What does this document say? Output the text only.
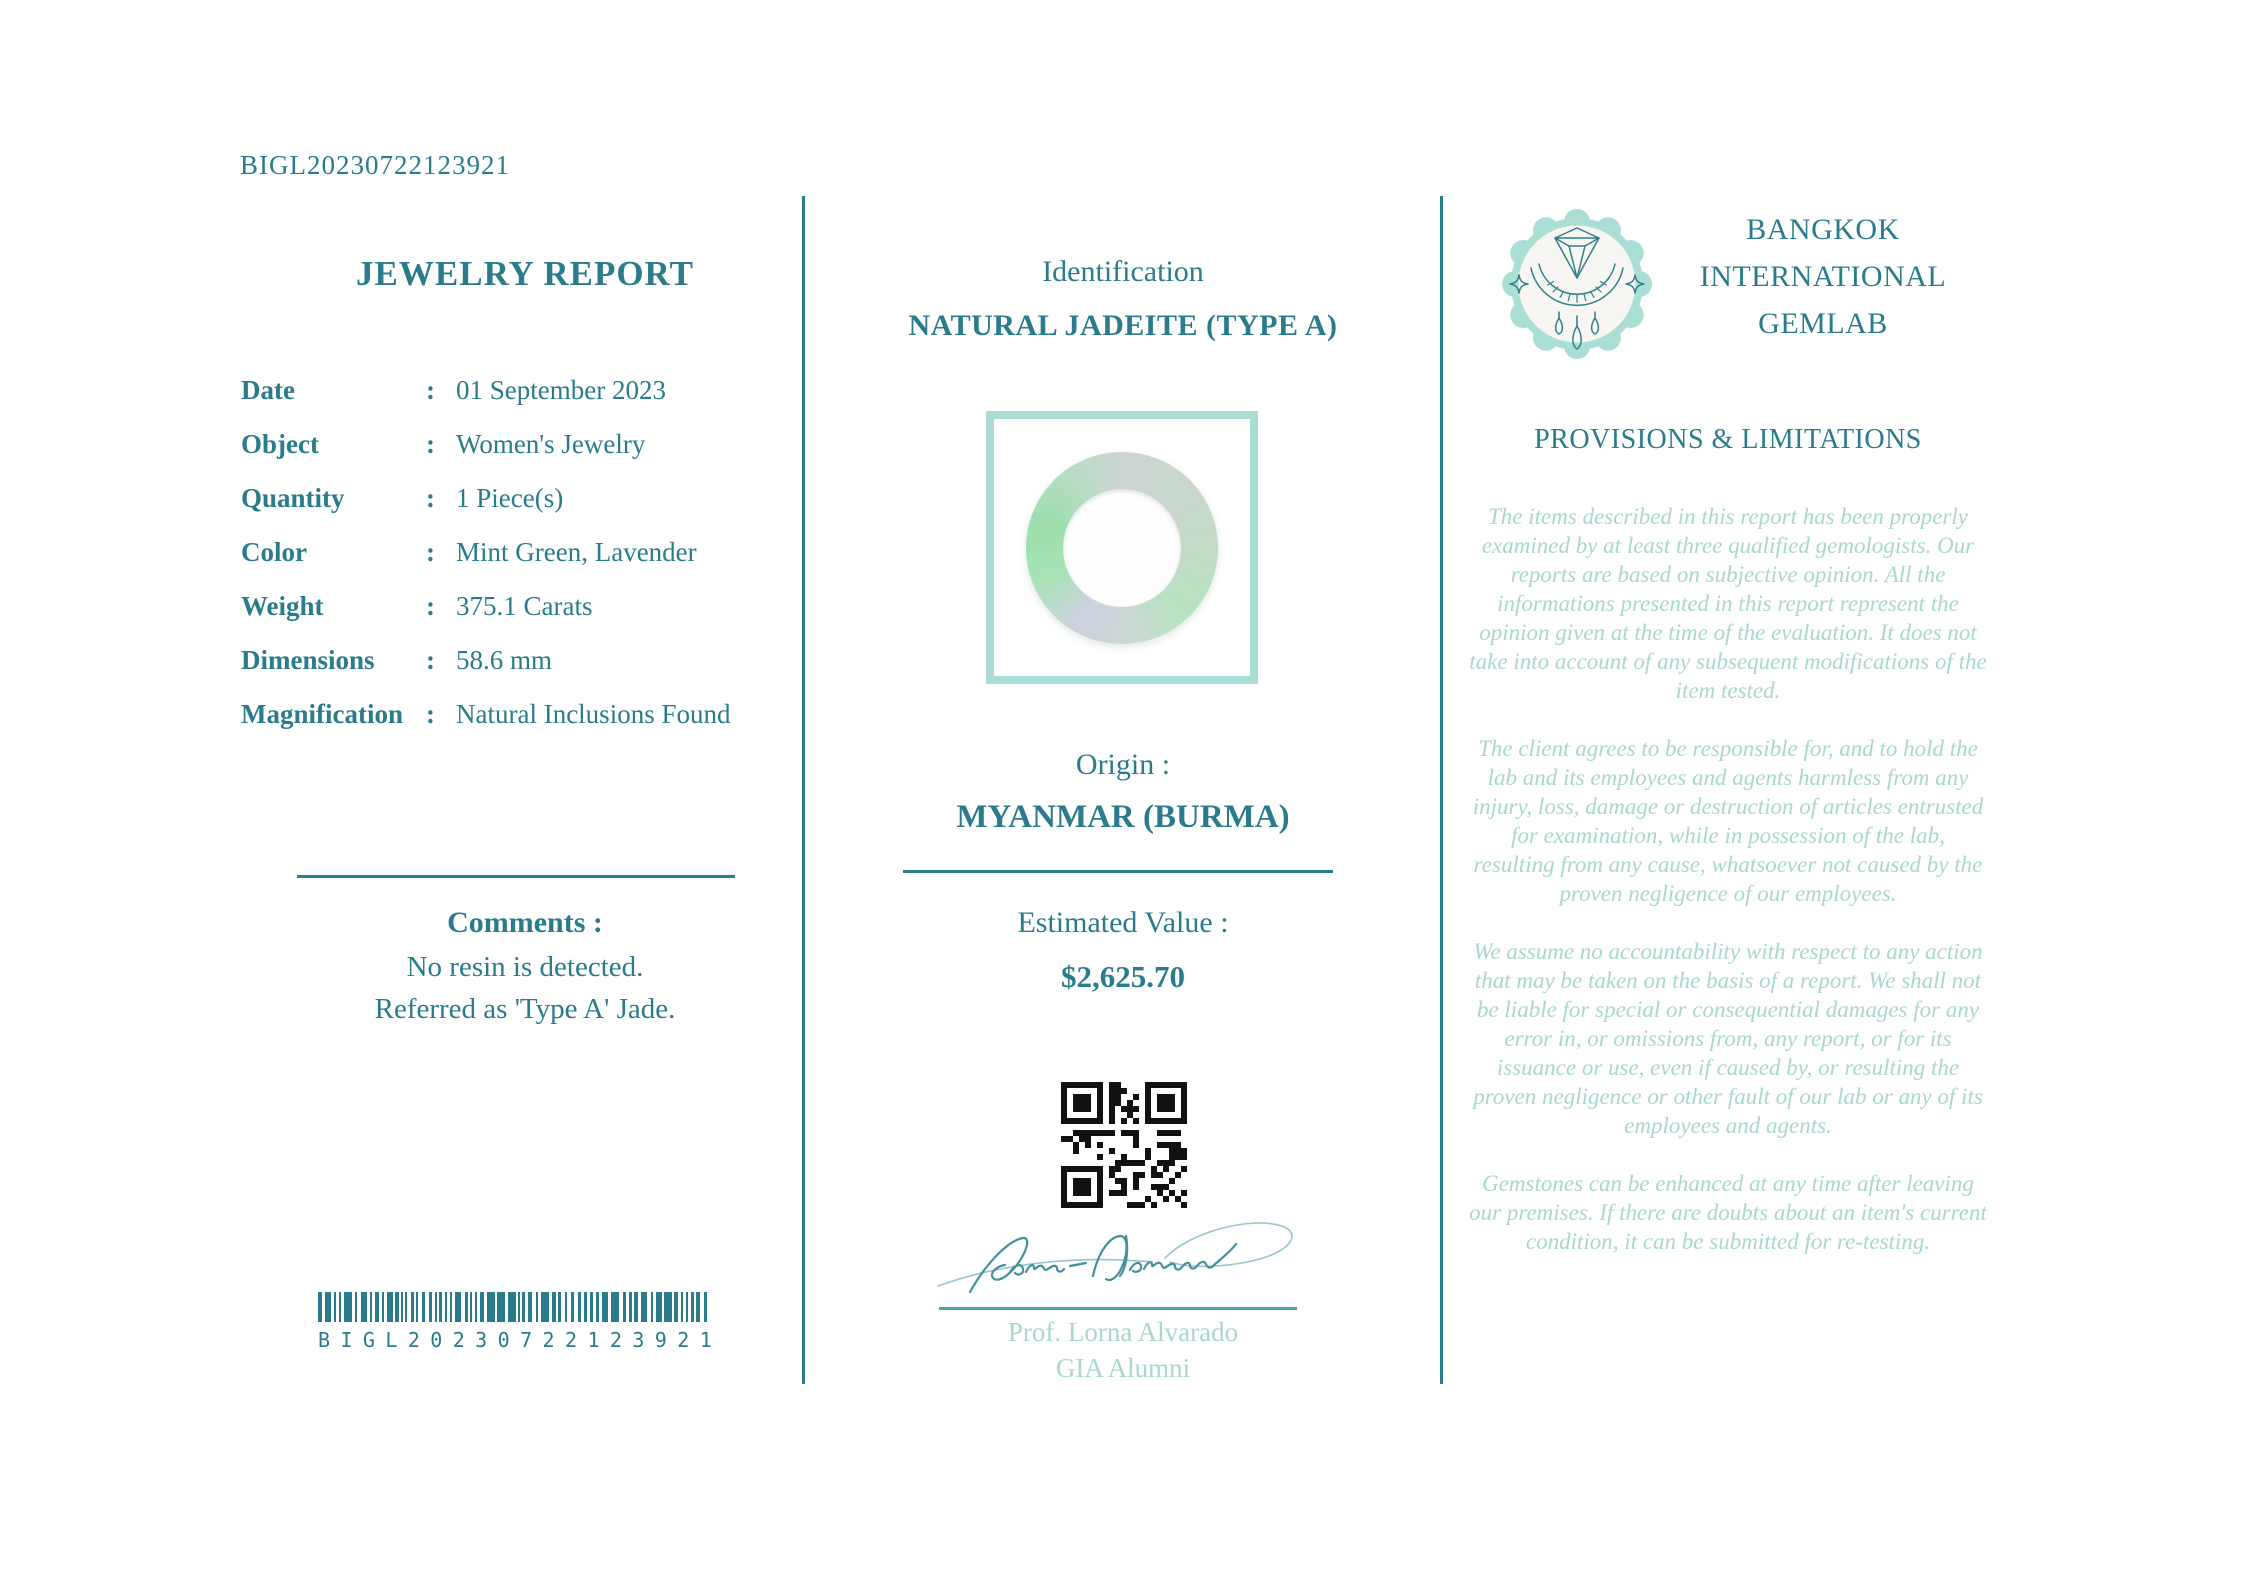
BIGL20230722123921
JEWELRY REPORT
Date	: 01 September 2023
Object	: Women's Jewelry
Quantity	: 1 Piece(s)
Color	: Mint Green, Lavender
Weight	: 375.1 Carats
Dimensions	: 58.6 mm
Magnification : Natural Inclusions Found
Comments :
No resin is detected.
Referred as 'Type A' Jade.
B I G L 2 0 2 3 0 7 2 2 1 2 3 9 2 1
Identification
NATURAL JADEITE (TYPE A)
Origin :
MYANMAR (BURMA)
Estimated Value :
$2,625.70
Prof. Lorna Alvarado
GIA Alumni
BANGKOK
INTERNATIONAL
GEMLAB
PROVISIONS & LIMITATIONS

The items described in this report has been properly examined by at least three qualified gemologists. Our reports are based on subjective opinion. All the informations presented in this report represent the opinion given at the time of the evaluation. It does not take into account of any subsequent modifications of the item tested.

The client agrees to be responsible for, and to hold the lab and its employees and agents harmless from any injury, loss, damage or destruction of articles entrusted for examination, while in possession of the lab, resulting from any cause, whatsoever not caused by the proven negligence of our employees.

We assume no accountability with respect to any action that may be taken on the basis of a report. We shall not be liable for special or consequential damages for any error in, or omissions from, any report, or for its issuance or use, even if caused by, or resulting the proven negligence or other fault of our lab or any of its employees and agents.

Gemstones can be enhanced at any time after leaving our premises. If there are doubts about an item's current condition, it can be submitted for re-testing.
